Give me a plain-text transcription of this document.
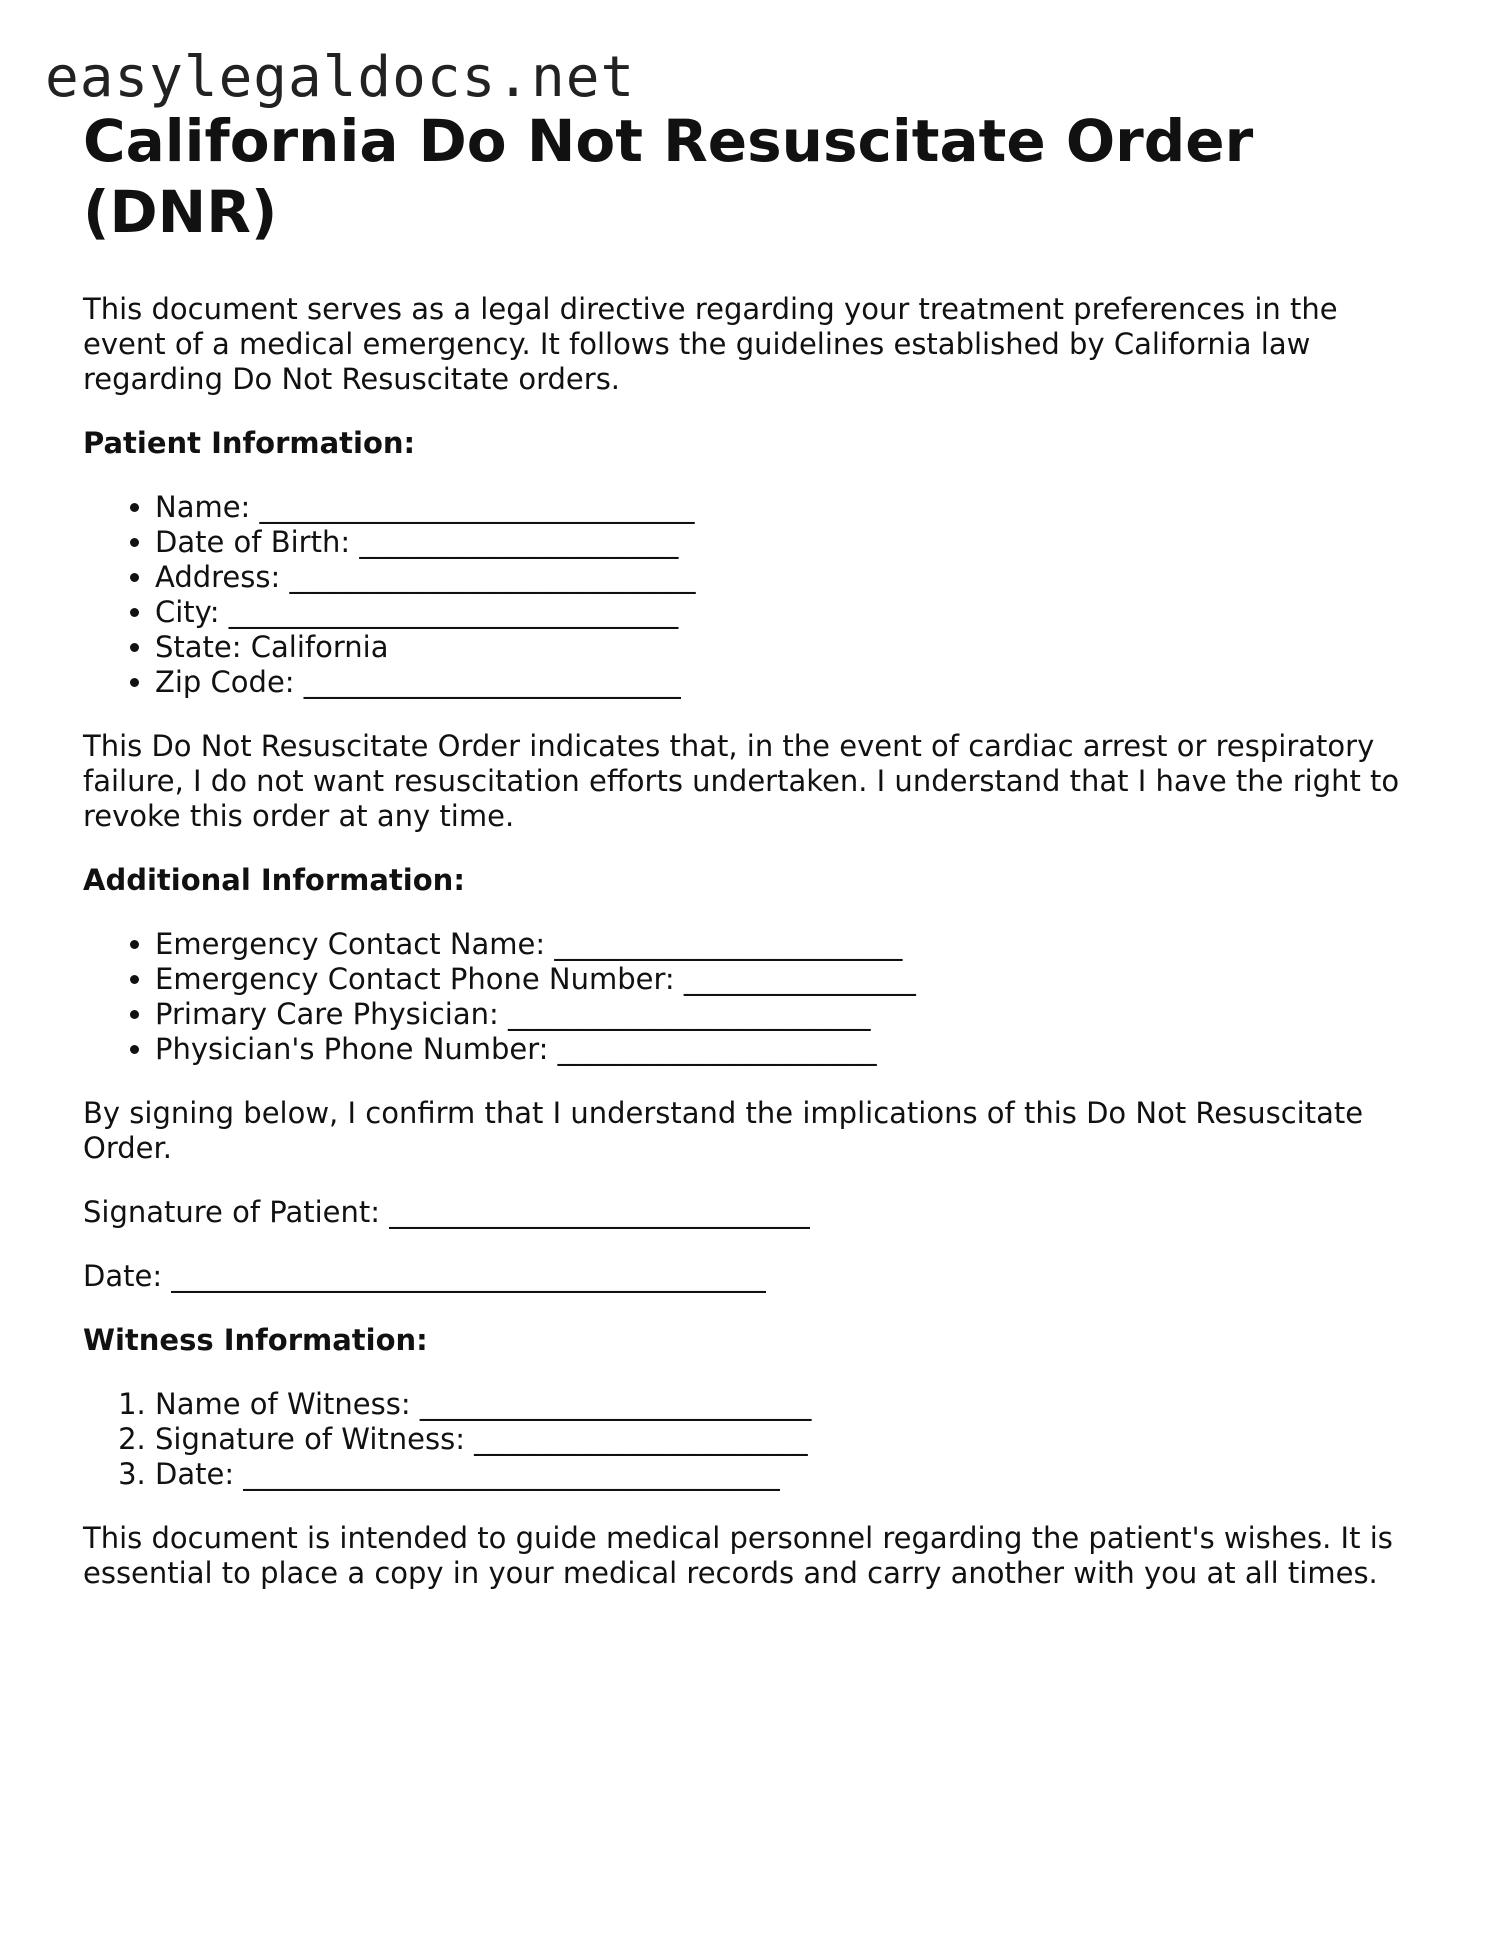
easylegaldocs.net
California Do Not Resuscitate Order (DNR)

This document serves as a legal directive regarding your treatment preferences in the event of a medical emergency. It follows the guidelines established by California law regarding Do Not Resuscitate orders.

Patient Information:

• Name: ______________________________
• Date of Birth: ______________________
• Address: ____________________________
• City: _______________________________
• State: California
• Zip Code: __________________________

This Do Not Resuscitate Order indicates that, in the event of cardiac arrest or respiratory failure, I do not want resuscitation efforts undertaken. I understand that I have the right to revoke this order at any time.

Additional Information:

• Emergency Contact Name: ________________________
• Emergency Contact Phone Number: ________________
• Primary Care Physician: _________________________
• Physician's Phone Number: ______________________

By signing below, I confirm that I understand the implications of this Do Not Resuscitate Order.

Signature of Patient: _____________________________

Date: _________________________________________

Witness Information:

1. Name of Witness: ___________________________
2. Signature of Witness: _______________________
3. Date: _____________________________________

This document is intended to guide medical personnel regarding the patient's wishes. It is essential to place a copy in your medical records and carry another with you at all times.
